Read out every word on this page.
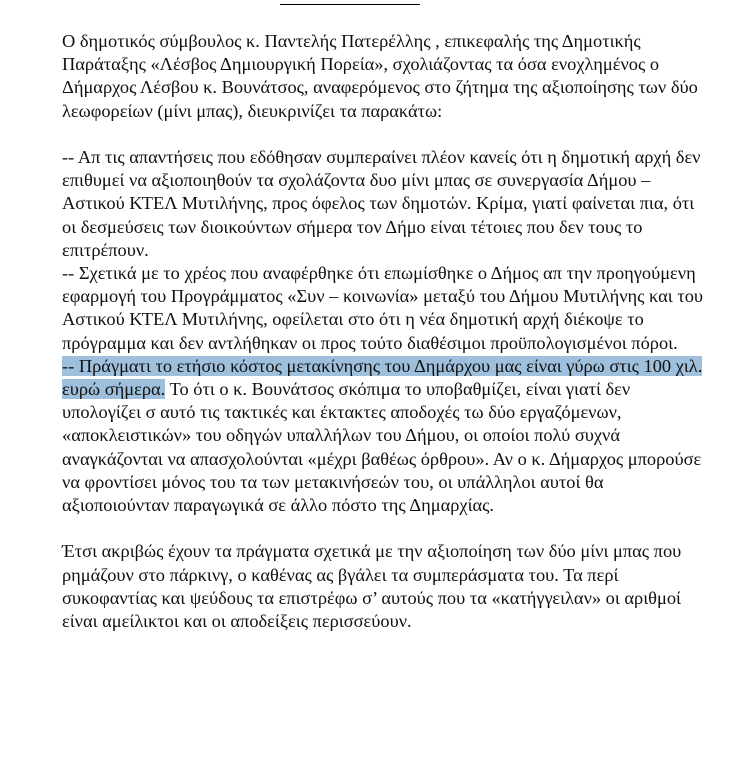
Ο δημοτικός σύμβουλος κ. Παντελής Πατερέλλης , επικεφαλής της Δημοτικής Παράταξης «Λέσβος Δημιουργική Πορεία», σχολιάζοντας τα όσα ενοχλημένος ο Δήμαρχος Λέσβου κ. Βουνάτσος, αναφερόμενος στο ζήτημα της αξιοποίησης των δύο λεωφορείων (μίνι μπας), διευκρινίζει τα παρακάτω:

-- Απ τις απαντήσεις που εδόθησαν συμπεραίνει πλέον κανείς ότι η δημοτική αρχή δεν επιθυμεί να αξιοποιηθούν τα σχολάζοντα δυο μίνι μπας σε συνεργασία Δήμου –Αστικού ΚΤΕΛ Μυτιλήνης, προς όφελος των δημοτών. Κρίμα, γιατί φαίνεται πια, ότι οι δεσμεύσεις των διοικούντων σήμερα τον Δήμο είναι τέτοιες που δεν τους το επιτρέπουν.

-- Σχετικά με το χρέος που αναφέρθηκε ότι επωμίσθηκε ο Δήμος απ την προηγούμενη εφαρμογή του Προγράμματος «Συν – κοινωνία» μεταξύ του Δήμου Μυτιλήνης και του Αστικού ΚΤΕΛ Μυτιλήνης, οφείλεται στο ότι η νέα δημοτική αρχή διέκοψε το πρόγραμμα και δεν αντλήθηκαν οι προς τούτο διαθέσιμοι προϋπολογισμένοι πόροι.

-- Πράγματι το ετήσιο κόστος μετακίνησης του Δημάρχου μας είναι γύρω στις 100 χιλ. ευρώ σήμερα. Το ότι ο κ. Βουνάτσος σκόπιμα το υποβαθμίζει, είναι γιατί δεν υπολογίζει σ αυτό τις τακτικές και έκτακτες αποδοχές τω δύο εργαζόμενων, «αποκλειστικών» του οδηγών υπαλλήλων του Δήμου, οι οποίοι πολύ συχνά αναγκάζονται να απασχολούνται «μέχρι βαθέως όρθρου». Αν ο κ. Δήμαρχος μπορούσε να φροντίσει μόνος του τα των μετακινήσεών του, οι υπάλληλοι αυτοί θα αξιοποιούνταν παραγωγικά σε άλλο πόστο της Δημαρχίας.

Έτσι ακριβώς έχουν τα πράγματα σχετικά με την αξιοποίηση των δύο μίνι μπας που ρημάζουν στο πάρκινγ, ο καθένας ας βγάλει τα συμπεράσματα του. Τα περί συκοφαντίας και ψεύδους τα επιστρέφω σ’ αυτούς που τα «κατήγγειλαν» οι αριθμοί είναι αμείλικτοι και οι αποδείξεις περισσεύουν.
